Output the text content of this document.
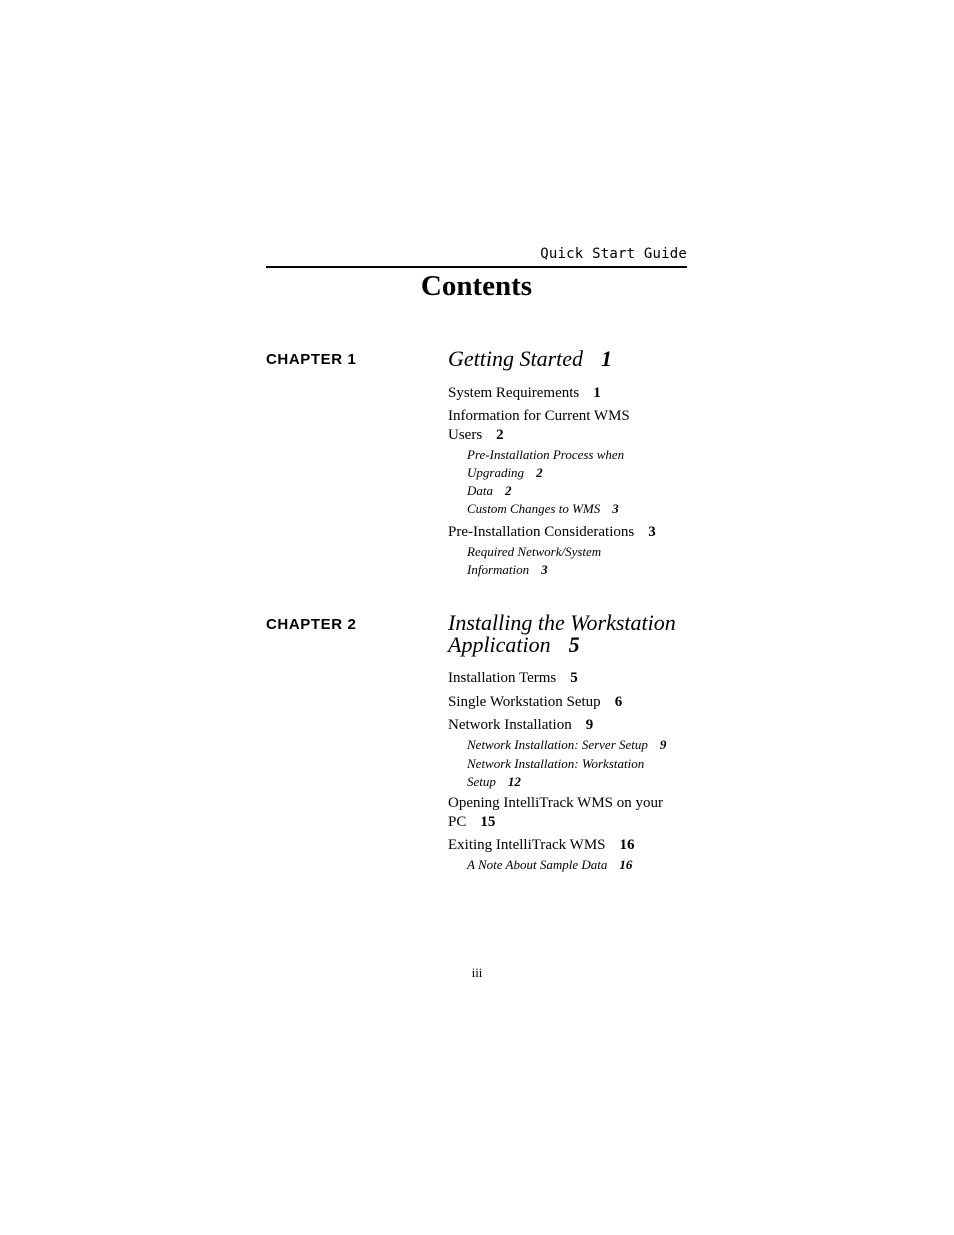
Quick Start Guide
Contents
CHAPTER 1	Getting Started 1
System Requirements 1
Information for Current WMS Users 2
Pre-Installation Process when Upgrading 2
Data 2
Custom Changes to WMS 3
Pre-Installation Considerations 3
Required Network/System Information 3
CHAPTER 2	Installing the Workstation Application 5
Installation Terms 5
Single Workstation Setup 6
Network Installation 9
Network Installation: Server Setup 9
Network Installation: Workstation Setup 12
Opening IntelliTrack WMS on your PC 15
Exiting IntelliTrack WMS 16
A Note About Sample Data 16
iii
